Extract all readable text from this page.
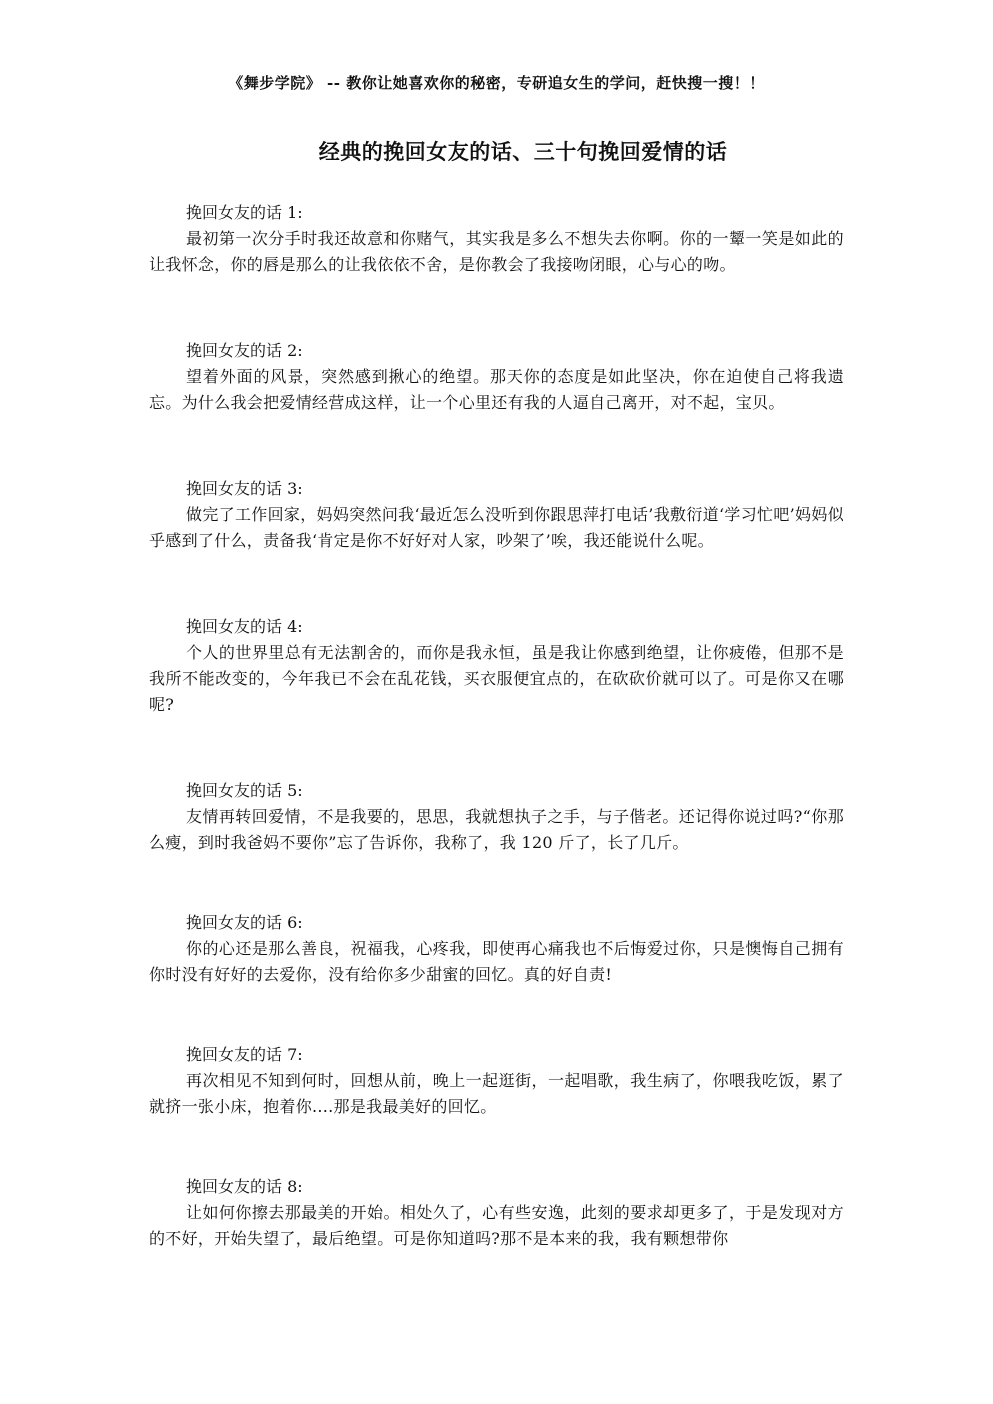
《舞步学院》 -- 教你让她喜欢你的秘密，专研追女生的学问，赶快搜一搜！！
经典的挽回女友的话、三十句挽回爱情的话
挽回女友的话 1:
最初第一次分手时我还故意和你赌气，其实我是多么不想失去你啊。你的一颦一笑是如此的让我怀念，你的唇是那么的让我依依不舍，是你教会了我接吻闭眼，心与心的吻。
挽回女友的话 2:
望着外面的风景，突然感到揪心的绝望。那天你的态度是如此坚决，你在迫使自己将我遗忘。为什么我会把爱情经营成这样，让一个心里还有我的人逼自己离开，对不起，宝贝。
挽回女友的话 3:
做完了工作回家，妈妈突然问我‘最近怎么没听到你跟思萍打电话’我敷衍道‘学习忙吧’妈妈似乎感到了什么，责备我‘肯定是你不好好对人家，吵架了’唉，我还能说什么呢。
挽回女友的话 4:
个人的世界里总有无法割舍的，而你是我永恒，虽是我让你感到绝望，让你疲倦，但那不是我所不能改变的，今年我已不会在乱花钱，买衣服便宜点的，在砍砍价就可以了。可是你又在哪呢?
挽回女友的话 5:
友情再转回爱情，不是我要的，思思，我就想执子之手，与子偕老。还记得你说过吗?“你那么瘦，到时我爸妈不要你”忘了告诉你，我称了，我 120 斤了，长了几斤。
挽回女友的话 6:
你的心还是那么善良，祝福我，心疼我，即使再心痛我也不后悔爱过你，只是懊悔自己拥有你时没有好好的去爱你，没有给你多少甜蜜的回忆。真的好自责!
挽回女友的话 7:
再次相见不知到何时，回想从前，晚上一起逛街，一起唱歌，我生病了，你喂我吃饭，累了就挤一张小床，抱着你....那是我最美好的回忆。
挽回女友的话 8:
让如何你擦去那最美的开始。相处久了，心有些安逸，此刻的要求却更多了，于是发现对方的不好，开始失望了，最后绝望。可是你知道吗?那不是本来的我，我有颗想带你
